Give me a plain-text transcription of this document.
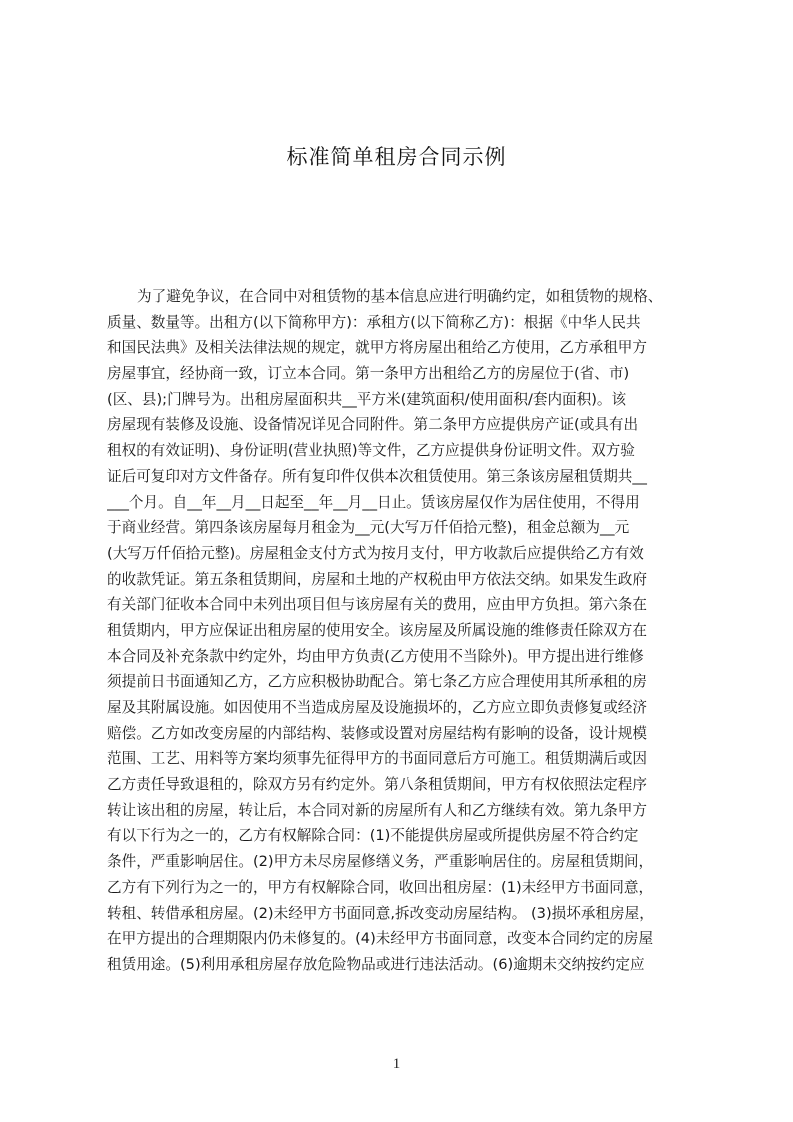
标准简单租房合同示例
为了避免争议，在合同中对租赁物的基本信息应进行明确约定，如租赁物的规格、
质量、数量等。出租方(以下简称甲方)：承租方(以下简称乙方)：根据《中华人民共
和国民法典》及相关法律法规的规定，就甲方将房屋出租给乙方使用，乙方承租甲方
房屋事宜，经协商一致，订立本合同。第一条甲方出租给乙方的房屋位于(省、市)
(区、县);门牌号为。出租房屋面积共__平方米(建筑面积/使用面积/套内面积)。该
房屋现有装修及设施、设备情况详见合同附件。第二条甲方应提供房产证(或具有出
租权的有效证明)、身份证明(营业执照)等文件，乙方应提供身份证明文件。双方验
证后可复印对方文件备存。所有复印件仅供本次租赁使用。第三条该房屋租赁期共__
___个月。自__年__月__日起至__年__月__日止。赁该房屋仅作为居住使用，不得用
于商业经营。第四条该房屋每月租金为__元(大写万仟佰拾元整)，租金总额为__元
(大写万仟佰拾元整)。房屋租金支付方式为按月支付，甲方收款后应提供给乙方有效
的收款凭证。第五条租赁期间，房屋和土地的产权税由甲方依法交纳。如果发生政府
有关部门征收本合同中未列出项目但与该房屋有关的费用，应由甲方负担。第六条在
租赁期内，甲方应保证出租房屋的使用安全。该房屋及所属设施的维修责任除双方在
本合同及补充条款中约定外，均由甲方负责(乙方使用不当除外)。甲方提出进行维修
须提前日书面通知乙方，乙方应积极协助配合。第七条乙方应合理使用其所承租的房
屋及其附属设施。如因使用不当造成房屋及设施损坏的，乙方应立即负责修复或经济
赔偿。乙方如改变房屋的内部结构、装修或设置对房屋结构有影响的设备，设计规模
范围、工艺、用料等方案均须事先征得甲方的书面同意后方可施工。租赁期满后或因
乙方责任导致退租的，除双方另有约定外。第八条租赁期间，甲方有权依照法定程序
转让该出租的房屋，转让后，本合同对新的房屋所有人和乙方继续有效。第九条甲方
有以下行为之一的，乙方有权解除合同：(1)不能提供房屋或所提供房屋不符合约定
条件，严重影响居住。(2)甲方未尽房屋修缮义务，严重影响居住的。房屋租赁期间，
乙方有下列行为之一的，甲方有权解除合同，收回出租房屋：(1)未经甲方书面同意，
转租、转借承租房屋。(2)未经甲方书面同意,拆改变动房屋结构。 (3)损坏承租房屋，
在甲方提出的合理期限内仍未修复的。(4)未经甲方书面同意，改变本合同约定的房屋
租赁用途。(5)利用承租房屋存放危险物品或进行违法活动。(6)逾期未交纳按约定应
1
